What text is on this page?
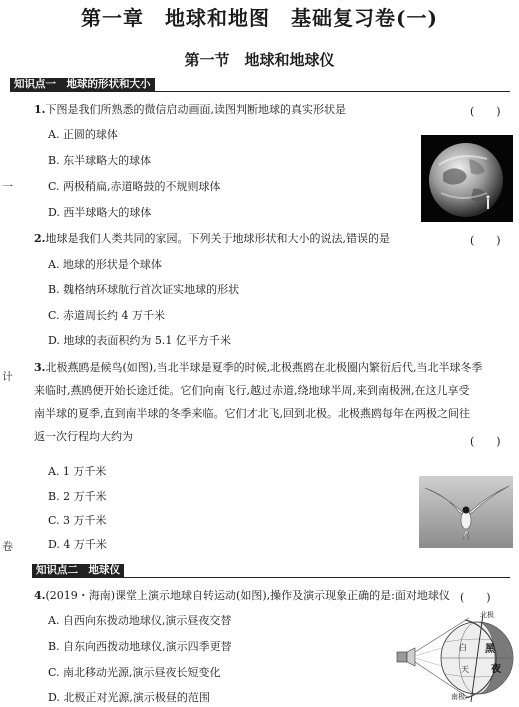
第一章　地球和地图　基础复习卷(一)
第一节　地球和地球仪
一
计
卷
知识点一　地球的形状和大小
1.下图是我们所熟悉的微信启动画面,读图判断地球的真实形状是	(　　)
A. 正圆的球体
B. 东半球略大的球体
C. 两极稍扁,赤道略鼓的不规则球体
D. 西半球略大的球体
2.地球是我们人类共同的家园。下列关于地球形状和大小的说法,错误的是	(　　)
A. 地球的形状是个球体
B. 魏格纳环球航行首次证实地球的形状
C. 赤道周长约 4 万千米
D. 地球的表面积约为 5.1 亿平方千米
3.北极燕鸥是候鸟(如图),当北半球是夏季的时候,北极燕鸥在北极圈内繁衍后代,当北半球冬季
来临时,燕鸥便开始长途迁徙。它们向南飞行,越过赤道,绕地球半周,来到南极洲,在这儿享受
南半球的夏季,直到南半球的冬季来临。它们才北飞,回到北极。北极燕鸥每年在两极之间往
返一次行程均大约为	(　　)
A. 1 万千米
B. 2 万千米
C. 3 万千米
D. 4 万千米
知识点二　地球仪
4.(2019・海南)课堂上演示地球自转运动(如图),操作及演示现象正确的是:面对地球仪 (　　)
A. 自西向东拨动地球仪,演示昼夜交替
B. 自东向西拨动地球仪,演示四季更替
C. 南北移动光源,演示昼夜长短变化
D. 北极正对光源,演示极昼的范围
北极
南极
白
天
黑
夜
